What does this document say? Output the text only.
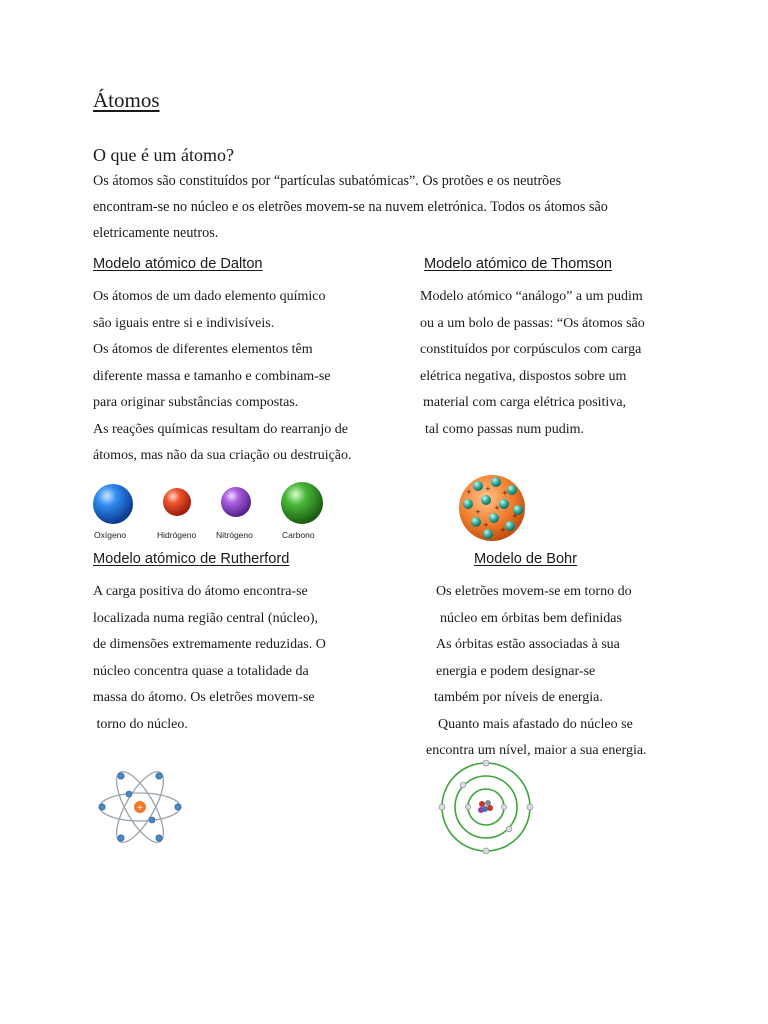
Átomos
O que é um átomo?
Os átomos são constituídos por “partículas subatómicas”. Os protões e os neutrões
encontram-se no núcleo e os eletrões movem-se na nuvem eletrónica. Todos os átomos são
eletricamente neutros.
Modelo atómico de Dalton
Os átomos de um dado elemento químico
são iguais entre si e indivisíveis.
Os átomos de diferentes elementos têm
diferente massa e tamanho e combinam-se
para originar substâncias compostas.
As reações químicas resultam do rearranjo de
átomos, mas não da sua criação ou destruição.
Oxígeno	Hidrógeno Nitrógeno	Carbono
Modelo atómico de Thomson
Modelo atómico “análogo” a um pudim
ou a um bolo de passas: “Os átomos são
constituídos por corpúsculos com carga
elétrica negativa, dispostos sobre um
material com carga elétrica positiva,
tal como passas num pudim.
+ +
+ +
+
+
+
+
Modelo atómico de Rutherford
A carga positiva do átomo encontra-se
localizada numa região central (núcleo),
de dimensões extremamente reduzidas. O
núcleo concentra quase a totalidade da
massa do átomo. Os eletrões movem-se
torno do núcleo.
+
Modelo de Bohr
Os eletrões movem-se em torno do
núcleo em órbitas bem definidas
As órbitas estão associadas à sua
energia e podem designar-se
também por níveis de energia.
Quanto mais afastado do núcleo se
encontra um nível, maior a sua energia.
